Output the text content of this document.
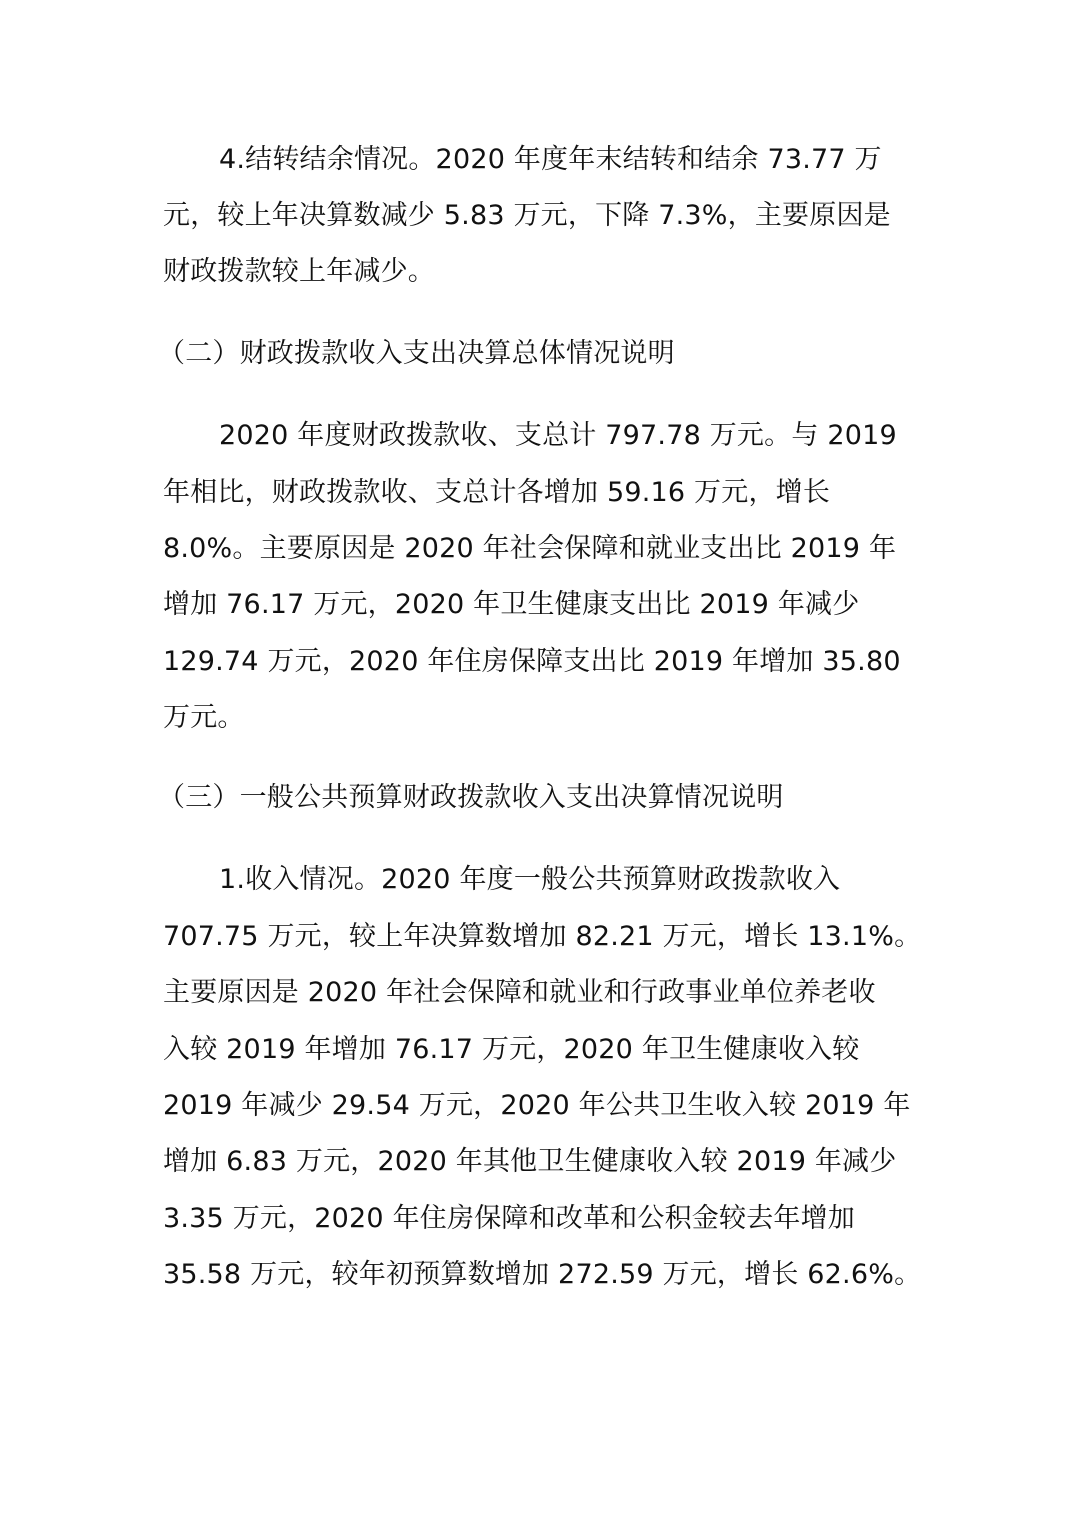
4.结转结余情况。2020 年度年末结转和结余 73.77 万
元，较上年决算数减少 5.83 万元，下降 7.3%，主要原因是
财政拨款较上年减少。
（二）财政拨款收入支出决算总体情况说明
2020 年度财政拨款收、支总计 797.78 万元。与 2019
年相比，财政拨款收、支总计各增加 59.16 万元，增长
8.0%。主要原因是 2020 年社会保障和就业支出比 2019 年
增加 76.17 万元，2020 年卫生健康支出比 2019 年减少
129.74 万元，2020 年住房保障支出比 2019 年增加 35.80
万元。
（三）一般公共预算财政拨款收入支出决算情况说明
1.收入情况。2020 年度一般公共预算财政拨款收入
707.75 万元，较上年决算数增加 82.21 万元，增长 13.1%。
主要原因是 2020 年社会保障和就业和行政事业单位养老收
入较 2019 年增加 76.17 万元，2020 年卫生健康收入较
2019 年减少 29.54 万元，2020 年公共卫生收入较 2019 年
增加 6.83 万元，2020 年其他卫生健康收入较 2019 年减少
3.35 万元，2020 年住房保障和改革和公积金较去年增加
35.58 万元，较年初预算数增加 272.59 万元，增长 62.6%。
